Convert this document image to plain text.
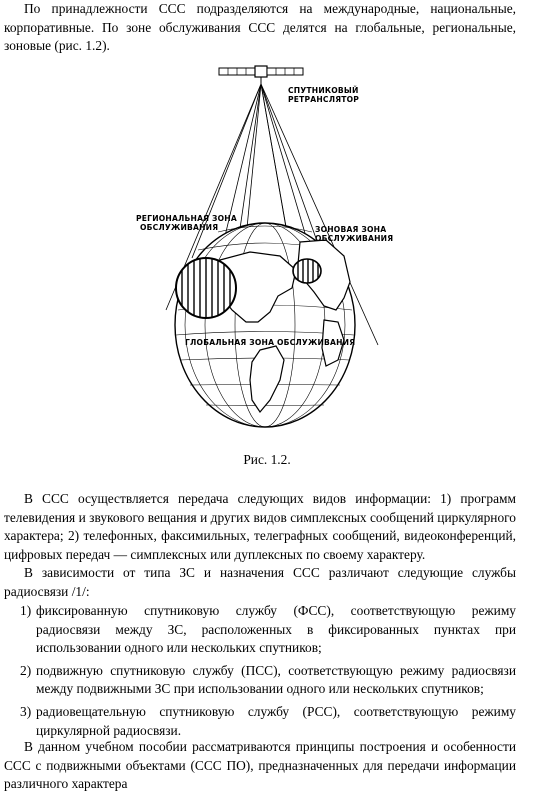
По принадлежности ССС подразделяются на международные, национальные, корпоративные. По зоне обслуживания ССС делятся на глобальные, региональные, зоновые (рис. 1.2).

СПУТНИКОВЫЙ
РЕТРАНСЛЯТОР
РЕГИОНАЛЬНАЯ ЗОНА
ОБСЛУЖИВАНИЯ	ЗОНОВАЯ ЗОНА
ОБСЛУЖИВАНИЯ
ГЛОБАЛЬНАЯ ЗОНА ОБСЛУЖИВАНИЯ
Рис. 1.2.

В ССС осуществляется передача следующих видов информации: 1) программ телевидения и звукового вещания и других видов симплексных сообщений циркулярного характера; 2) телефонных, факсимильных, телеграфных сообщений, видеоконференций, цифровых передач — симплексных или дуплексных по своему характеру.

В зависимости от типа ЗС и назначения ССС различают следующие службы радиосвязи /1/:

1) фиксированную спутниковую службу (ФСС), соответствующую режиму радиосвязи между ЗС, расположенных в фиксированных пунктах при использовании одного или нескольких спутников;
2) подвижную спутниковую службу (ПСС), соответствующую режиму радиосвязи между подвижными ЗС при использовании одного или нескольких спутников;
3) радиовещательную спутниковую службу (РСС), соответствующую режиму циркулярной радиосвязи.

В данном учебном пособии рассматриваются принципы построения и особенности ССС с подвижными объектами (ССС ПО), предназначенных для передачи информации различного характера
